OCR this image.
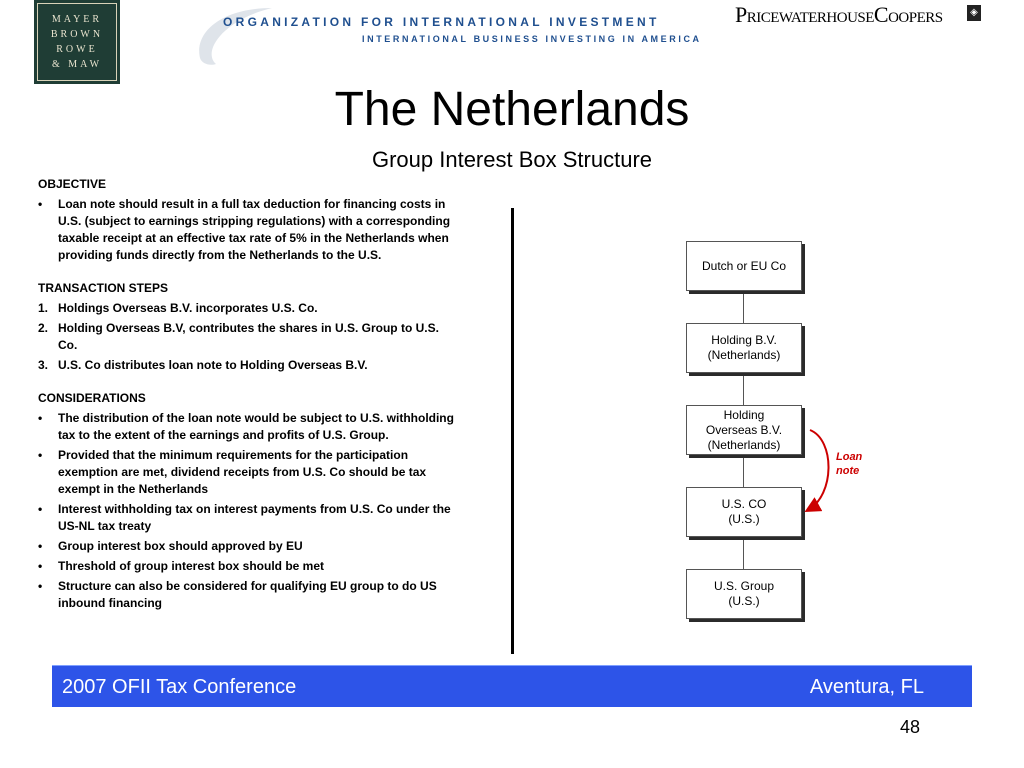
MAYER
BROWN
ROWE
& MAW
ORGANIZATION FOR INTERNATIONAL INVESTMENT
INTERNATIONAL BUSINESS INVESTING IN AMERICA
PricewaterhouseCoopers	◈
The Netherlands
Group Interest Box Structure
OBJECTIVE
• Loan note should result in a full tax deduction for financing costs in U.S. (subject to earnings stripping regulations) with a corresponding taxable receipt at an effective tax rate of 5% in the Netherlands when providing funds directly from the Netherlands to the U.S.
TRANSACTION STEPS
1. Holdings Overseas B.V. incorporates U.S. Co.
2. Holding Overseas B.V, contributes the shares in U.S. Group to U.S. Co.
3. U.S. Co distributes loan note to Holding Overseas B.V.
CONSIDERATIONS
• The distribution of the loan note would be subject to U.S. withholding tax to the extent of the earnings and profits of U.S. Group.
• Provided that the minimum requirements for the participation exemption are met, dividend receipts from U.S. Co should be tax exempt in the Netherlands
• Interest withholding tax on interest payments from U.S. Co under the US-NL tax treaty
• Group interest box should approved by EU
• Threshold of group interest box should be met
• Structure can also be considered for qualifying EU group to do US inbound financing
Dutch or EU Co
Holding B.V.
(Netherlands)
Holding
Overseas B.V.
(Netherlands)
U.S. CO
(U.S.)
U.S. Group
(U.S.)
Loan
note
2007 OFII Tax Conference	Aventura, FL
48
